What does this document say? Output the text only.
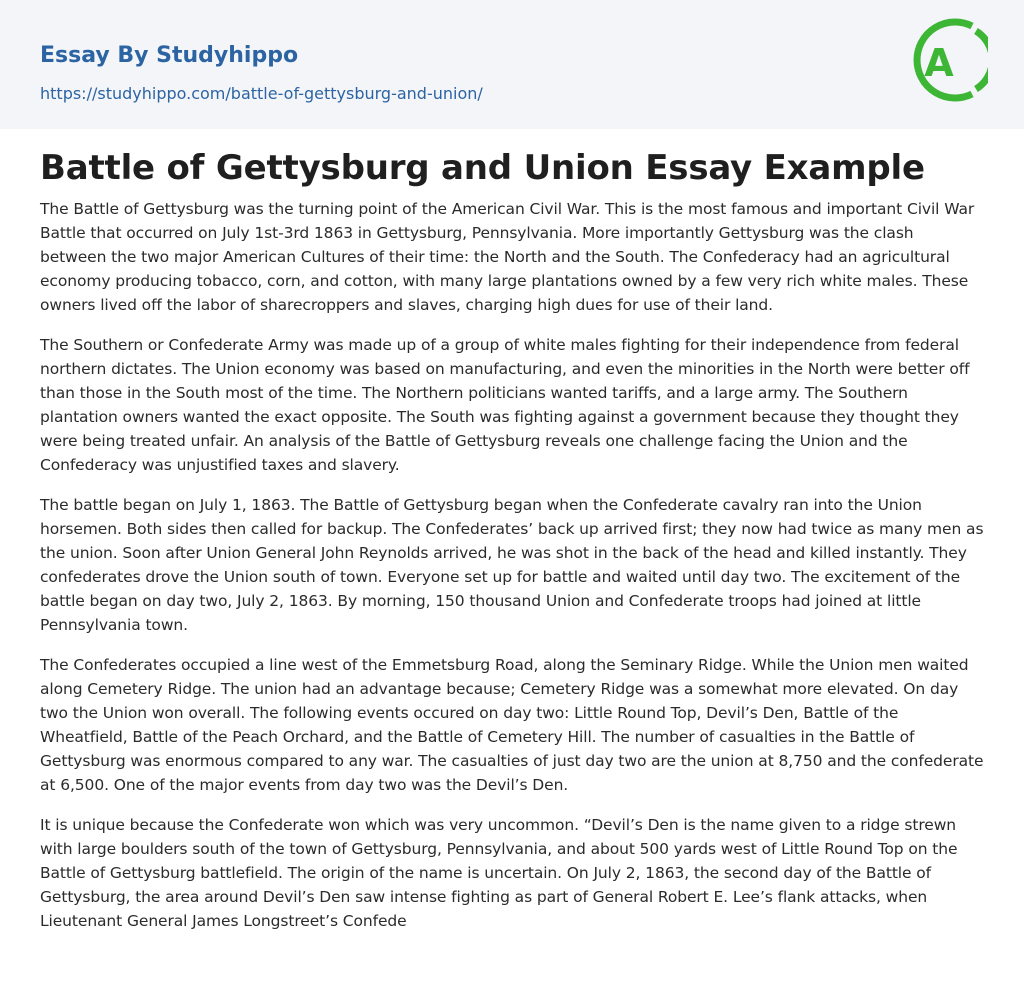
Essay By Studyhippo
https://studyhippo.com/battle-of-gettysburg-and-union/
A
Battle of Gettysburg and Union Essay Example

The Battle of Gettysburg was the turning point of the American Civil War. This is the most famous and important Civil War Battle that occurred on July 1st-3rd 1863 in Gettysburg, Pennsylvania. More importantly Gettysburg was the clash between the two major American Cultures of their time: the North and the South. The Confederacy had an agricultural economy producing tobacco, corn, and cotton, with many large plantations owned by a few very rich white males. These owners lived off the labor of sharecroppers and slaves, charging high dues for use of their land.

The Southern or Confederate Army was made up of a group of white males fighting for their independence from federal northern dictates. The Union economy was based on manufacturing, and even the minorities in the North were better off than those in the South most of the time. The Northern politicians wanted tariffs, and a large army. The Southern plantation owners wanted the exact opposite. The South was fighting against a government because they thought they were being treated unfair. An analysis of the Battle of Gettysburg reveals one challenge facing the Union and the Confederacy was unjustified taxes and slavery.

The battle began on July 1, 1863. The Battle of Gettysburg began when the Confederate cavalry ran into the Union horsemen. Both sides then called for backup. The Confederates’ back up arrived first; they now had twice as many men as the union. Soon after Union General John Reynolds arrived, he was shot in the back of the head and killed instantly. They confederates drove the Union south of town. Everyone set up for battle and waited until day two. The excitement of the battle began on day two, July 2, 1863. By morning, 150 thousand Union and Confederate troops had joined at little Pennsylvania town.

The Confederates occupied a line west of the Emmetsburg Road, along the Seminary Ridge. While the Union men waited along Cemetery Ridge. The union had an advantage because; Cemetery Ridge was a somewhat more elevated. On day two the Union won overall. The following events occured on day two: Little Round Top, Devil’s Den, Battle of the Wheatfield, Battle of the Peach Orchard, and the Battle of Cemetery Hill. The number of casualties in the Battle of Gettysburg was enormous compared to any war. The casualties of just day two are the union at 8,750 and the confederate at 6,500. One of the major events from day two was the Devil’s Den.

It is unique because the Confederate won which was very uncommon. “Devil’s Den is the name given to a ridge strewn with large boulders south of the town of Gettysburg, Pennsylvania, and about 500 yards west of Little Round Top on the Battle of Gettysburg battlefield. The origin of the name is uncertain. On July 2, 1863, the second day of the Battle of Gettysburg, the area around Devil’s Den saw intense fighting as part of General Robert E. Lee’s flank attacks, when Lieutenant General James Longstreet’s Confede
